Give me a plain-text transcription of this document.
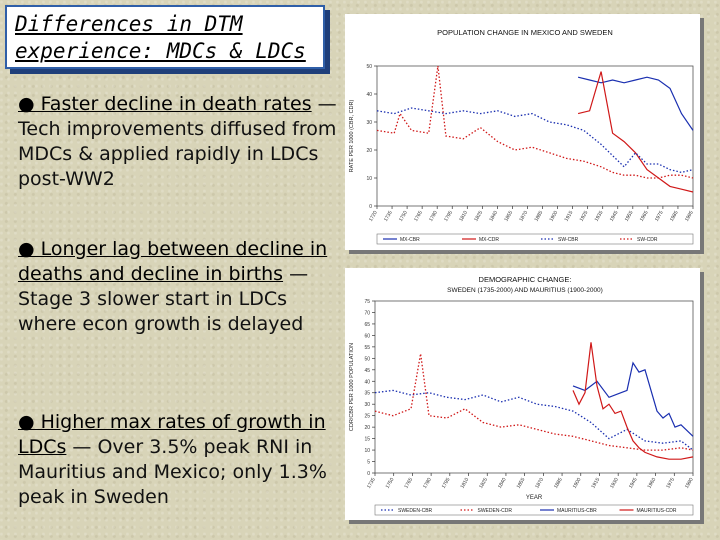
Differences in DTM
experience: MDCs & LDCs
● Faster decline in death rates — Tech improvements diffused from MDCs & applied rapidly in LDCs post-WW2
● Longer lag between decline in deaths and decline in births — Stage 3 slower start in LDCs where econ growth is delayed
● Higher max rates of growth in LDCs — Over 3.5% peak RNI in Mauritius and Mexico; only 1.3% peak in Sweden
POPULATION CHANGE IN MEXICO AND SWEDEN
0
10
20
30
40
50
1720 1735 1750 1765 1780 1795 1810 1825 1840 1855 1870 1885 1900 1915 1925 1935 1945 1955 1965 1975 1985 1995
RATE PER 1000 (CBR, CDR)
MX-CBR	MX-CDR	SW-CBR	SW-CDR
DEMOGRAPHIC CHANGE:
SWEDEN (1735-2000) AND MAURITIUS (1900-2000)
0
5
10
15
20
25
30
35
40
45
50
55
60
65
70
75
1735 1750 1765 1780 1795 1810 1825 1840 1855 1870 1885 1900 1915 1930 1945 1960 1975 1990
CDR/CBR PER 1000 POPULATION
YEAR
SWEDEN-CBR	SWEDEN-CDR	MAURITIUS-CBR	MAURITIUS-CDR
